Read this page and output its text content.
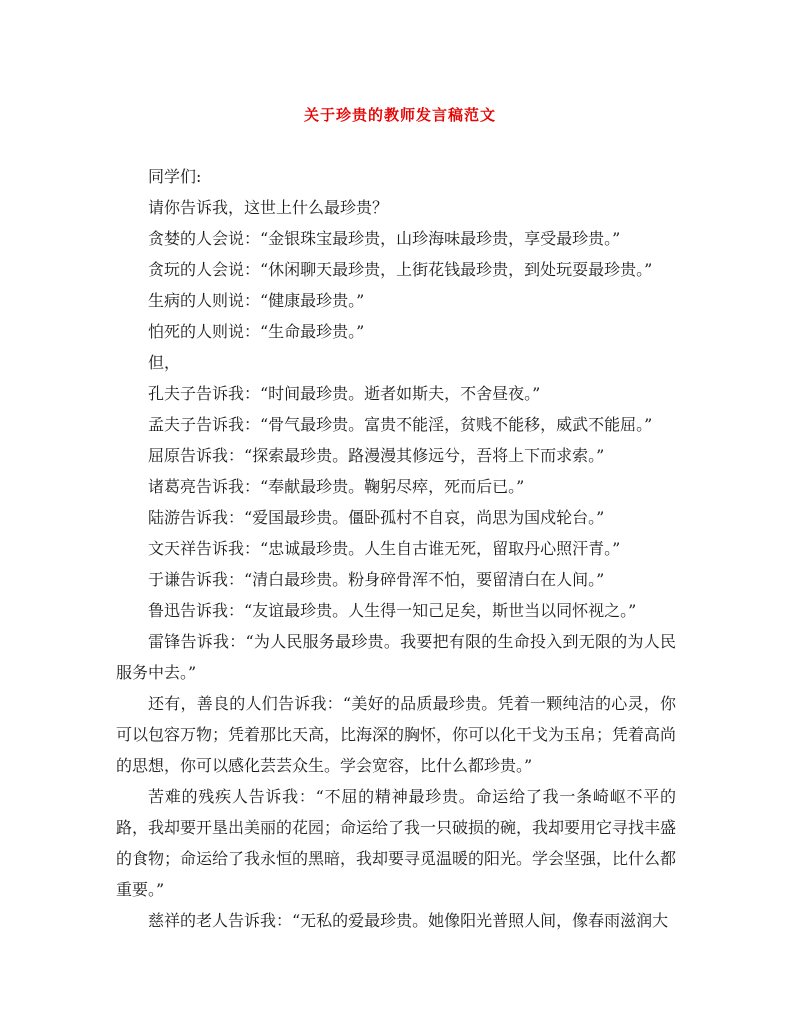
关于珍贵的教师发言稿范文

同学们:

请你告诉我，这世上什么最珍贵？

贪婪的人会说：“金银珠宝最珍贵，山珍海味最珍贵，享受最珍贵。”

贪玩的人会说：“休闲聊天最珍贵，上街花钱最珍贵，到处玩耍最珍贵。”

生病的人则说：“健康最珍贵。”

怕死的人则说：“生命最珍贵。”

但，

孔夫子告诉我：“时间最珍贵。逝者如斯夫，不舍昼夜。”

孟夫子告诉我：“骨气最珍贵。富贵不能淫，贫贱不能移，威武不能屈。”

屈原告诉我：“探索最珍贵。路漫漫其修远兮，吾将上下而求索。”

诸葛亮告诉我：“奉献最珍贵。鞠躬尽瘁，死而后已。”

陆游告诉我：“爱国最珍贵。僵卧孤村不自哀，尚思为国戍轮台。”

文天祥告诉我：“忠诚最珍贵。人生自古谁无死，留取丹心照汗青。”

于谦告诉我：“清白最珍贵。粉身碎骨浑不怕，要留清白在人间。”

鲁迅告诉我：“友谊最珍贵。人生得一知己足矣，斯世当以同怀视之。”

雷锋告诉我：“为人民服务最珍贵。我要把有限的生命投入到无限的为人民服务中去。”

还有，善良的人们告诉我：“美好的品质最珍贵。凭着一颗纯洁的心灵，你可以包容万物；凭着那比天高，比海深的胸怀，你可以化干戈为玉帛；凭着高尚的思想，你可以感化芸芸众生。学会宽容，比什么都珍贵。”

苦难的残疾人告诉我：“不屈的精神最珍贵。命运给了我一条崎岖不平的路，我却要开垦出美丽的花园；命运给了我一只破损的碗，我却要用它寻找丰盛的食物；命运给了我永恒的黑暗，我却要寻觅温暖的阳光。学会坚强，比什么都重要。”

慈祥的老人告诉我：“无私的爱最珍贵。她像阳光普照人间，像春雨滋润大
